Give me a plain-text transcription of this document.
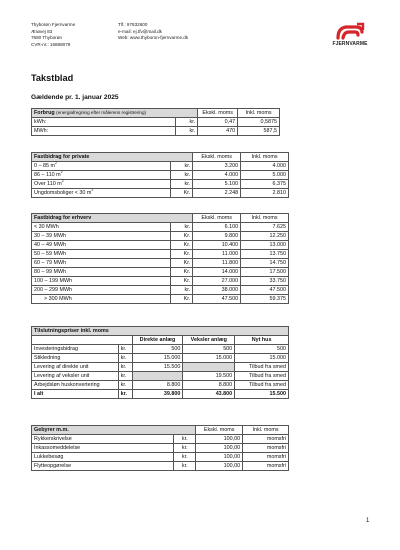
Thyborøn Fjernvarme
Ærøvej 83
7680 Thyborøn
CVR-nr.: 16888079
Tlf.: 97832600
e-mail: ej.tfv@mail.dk
Web: www.thyboron-fjernvarme.dk
FJERNVARME
Takstblad
Gældende pr. 1. januar 2025
Forbrug (energiafregning efter målerens registrering)		Ekskl. moms	Inkl. moms
kWh:	kr.	0,47	0,5875
MWh:	kr.	470	587,5
Fastbidrag for private		Ekskl. moms	Inkl. moms
0 – 85 $m^2$	kr.	3.200	4.000
86 – 110 $m^2$	kr.	4.000	5.000
Over 110 $m^2$	kr.	5.100	6.375
Ungdomsboliger < 30 $m^2$	Kr.	2.248	2.810
Fastbidrag for erhverv		Ekskl. moms	Inkl. moms
< 30 MWh	kr.	6.100	7.625
30 – 39 MWh	Kr.	9.800	12.250
40 – 49 MWh	Kr.	10.400	13.000
50 – 59 MWh	Kr.	11.000	13.750
60 – 79 MWh	Kr.	11.800	14.750
80 – 99 MWh	Kr.	14.000	17.500
100 – 199 MWh	Kr.	27.000	33.750
200 – 299 MWh	kr.	38.000	47.500
> 300 MWh	Kr.	47.500	59.375
Tilslutningspriser inkl. moms				
		Direkte anlæg	Veksler anlæg	Nyt hus
Investeringsbidrag	kr.	500	500	500
Stikledning	kr.	15.000	15.000	15.000
Levering af direkte unit	kr.	15.500		Tilbud fra smed
Levering af veksler unit	kr.		19.500	Tilbud fra smed
Arbejdsløn huskonvertering	kr.	8.800	8.800	Tilbud fra smed
I alt	kr.	39.800	43.800	15.500
Gebyrer m.m.		Ekskl. moms	Inkl. moms
Rykkerskrivelse	kr.	100,00	momsfri
Inkassomeddelelse	kr.	100,00	momsfri
Lukkebesøg	kr.	100,00	momsfri
Flytteopgørelse	kr.	100,00	momsfri
1
